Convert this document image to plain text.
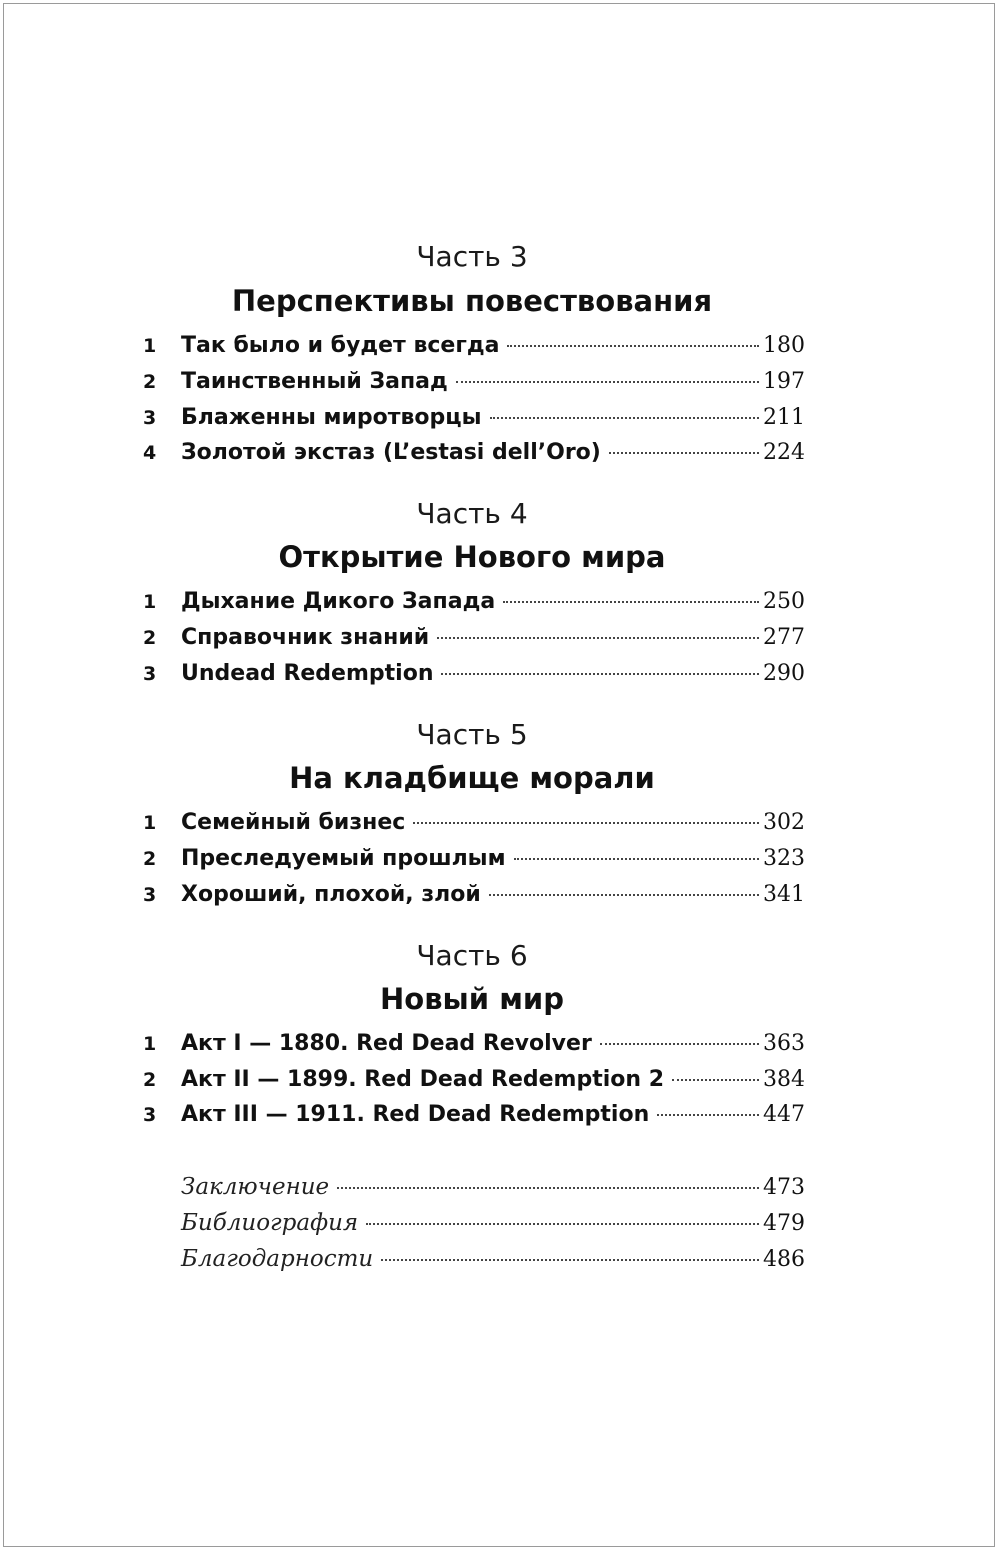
Часть 3
Перспективы повествования
1	Так было и будет всегда	180
2	Таинственный Запад	197
3	Блаженны миротворцы	211
4	Золотой экстаз (L’estasi dell’Oro)	224
Часть 4
Открытие Нового мира
1	Дыхание Дикого Запада	250
2	Справочник знаний	277
3	Undead Redemption	290
Часть 5
На кладбище морали
1	Семейный бизнес	302
2	Преследуемый прошлым	323
3	Хороший, плохой, злой	341
Часть 6
Новый мир
1	Акт I — 1880. Red Dead Revolver	363
2	Акт II — 1899. Red Dead Redemption 2	384
3	Акт III — 1911. Red Dead Redemption	447
Заключение	473
Библиография	479
Благодарности	486
